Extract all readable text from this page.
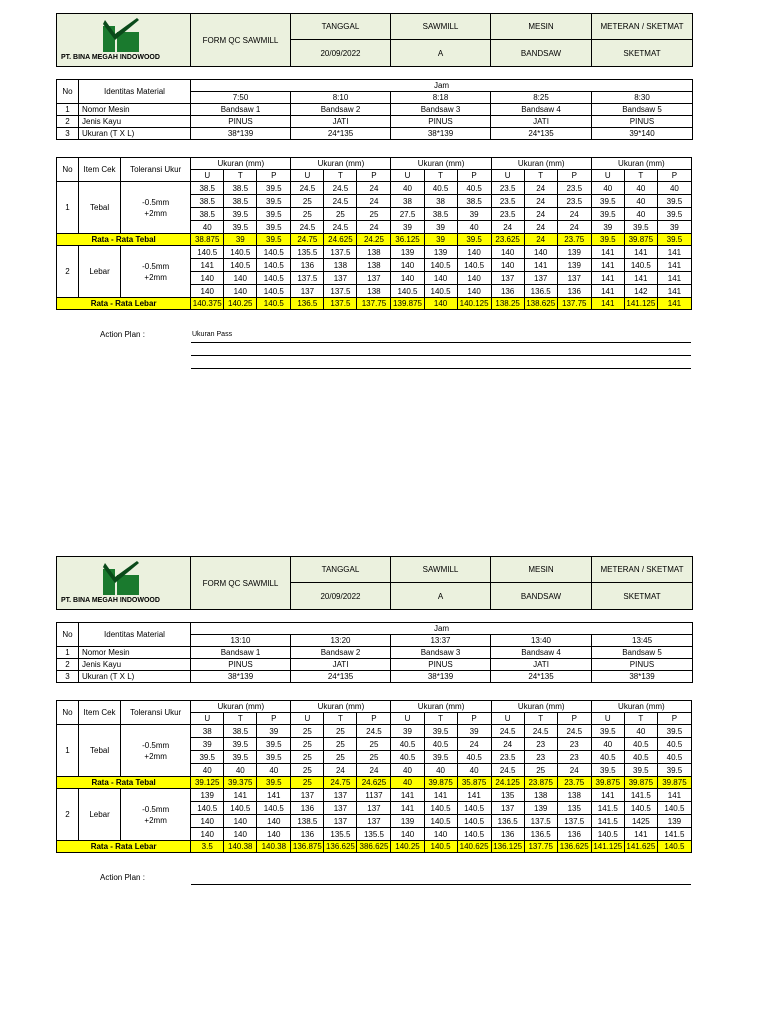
PT. BINA MEGAH INDOWOOD	FORM QC SAWMILL	TANGGAL	SAWMILL	MESIN	METERAN / SKETMAT
		20/09/2022	A	BANDSAW	SKETMAT
No	Identitas Material	Jam				
		7:50	8:10	8:18	8:25	8:30
1	Nomor Mesin	Bandsaw 1	Bandsaw 2	Bandsaw 3	Bandsaw 4	Bandsaw 5
2	Jenis Kayu	PINUS	JATI	PINUS	JATI	PINUS
3	Ukuran (T X L)	38*139	24*135	38*139	24*135	39*140
No	Item Cek	Toleransi Ukur	Ukuran (mm)			Ukuran (mm)			Ukuran (mm)			Ukuran (mm)			Ukuran (mm)		
			U	T	P	U	T	P	U	T	P	U	T	P	U	T	P
1	Tebal	-0.5mm
+2mm	38.5	38.5	39.5	24.5	24.5	24	40	40.5	40.5	23.5	24	23.5	40	40	40
			38.5	38.5	39.5	25	24.5	24	38	38	38.5	23.5	24	23.5	39.5	40	39.5
			38.5	39.5	39.5	25	25	25	27.5	38.5	39	23.5	24	24	39.5	40	39.5
			40	39.5	39.5	24.5	24.5	24	39	39	40	24	24	24	39	39.5	39
Rata - Rata Tebal			38.875	39	39.5	24.75	24.625	24.25	36.125	39	39.5	23.625	24	23.75	39.5	39.875	39.5
2	Lebar	-0.5mm
+2mm	140.5	140.5	140.5	135.5	137.5	138	139	139	140	140	140	139	141	141	141
			141	140.5	140.5	136	138	138	140	140.5	140.5	140	141	139	141	140.5	141
			140	140	140.5	137.5	137	137	140	140	140	137	137	137	141	141	141
			140	140	140.5	137	137.5	138	140.5	140.5	140	136	136.5	136	141	142	141
Rata - Rata Lebar			140.375	140.25	140.5	136.5	137.5	137.75	139.875	140	140.125	138.25	138.625	137.75	141	141.125	141
Action Plan :	Ukuran Pass
PT. BINA MEGAH INDOWOOD	FORM QC SAWMILL	TANGGAL	SAWMILL	MESIN	METERAN / SKETMAT
		20/09/2022	A	BANDSAW	SKETMAT
No	Identitas Material	Jam				
		13:10	13:20	13:37	13:40	13:45
1	Nomor Mesin	Bandsaw 1	Bandsaw 2	Bandsaw 3	Bandsaw 4	Bandsaw 5
2	Jenis Kayu	PINUS	JATI	PINUS	JATI	PINUS
3	Ukuran (T X L)	38*139	24*135	38*139	24*135	38*139
No	Item Cek	Toleransi Ukur	Ukuran (mm)			Ukuran (mm)			Ukuran (mm)			Ukuran (mm)			Ukuran (mm)		
			U	T	P	U	T	P	U	T	P	U	T	P	U	T	P
1	Tebal	-0.5mm
+2mm	38	38.5	39	25	25	24.5	39	39.5	39	24.5	24.5	24.5	39.5	40	39.5
			39	39.5	39.5	25	25	25	40.5	40.5	24	24	23	23	40	40.5	40.5
			39.5	39.5	39.5	25	25	25	40.5	39.5	40.5	23.5	23	23	40.5	40.5	40.5
			40	40	40	25	24	24	40	40	40	24.5	25	24	39.5	39.5	39.5
Rata - Rata Tebal			39.125	39.375	39.5	25	24.75	24.625	40	39.875	35.875	24.125	23.875	23.75	39.875	39.875	39.875
2	Lebar	-0.5mm
+2mm	139	141	141	137	137	1137	141	141	141	135	138	138	141	141.5	141
			140.5	140.5	140.5	136	137	137	141	140.5	140.5	137	139	135	141.5	140.5	140.5
			140	140	140	138.5	137	137	139	140.5	140.5	136.5	137.5	137.5	141.5	1425	139
			140	140	140	136	135.5	135.5	140	140	140.5	136	136.5	136	140.5	141	141.5
Rata - Rata Lebar			3.5	140.38	140.38	136.875	136.625	386.625	140.25	140.5	140.625	136.125	137.75	136.625	141.125	141.625	140.5
Action Plan :
